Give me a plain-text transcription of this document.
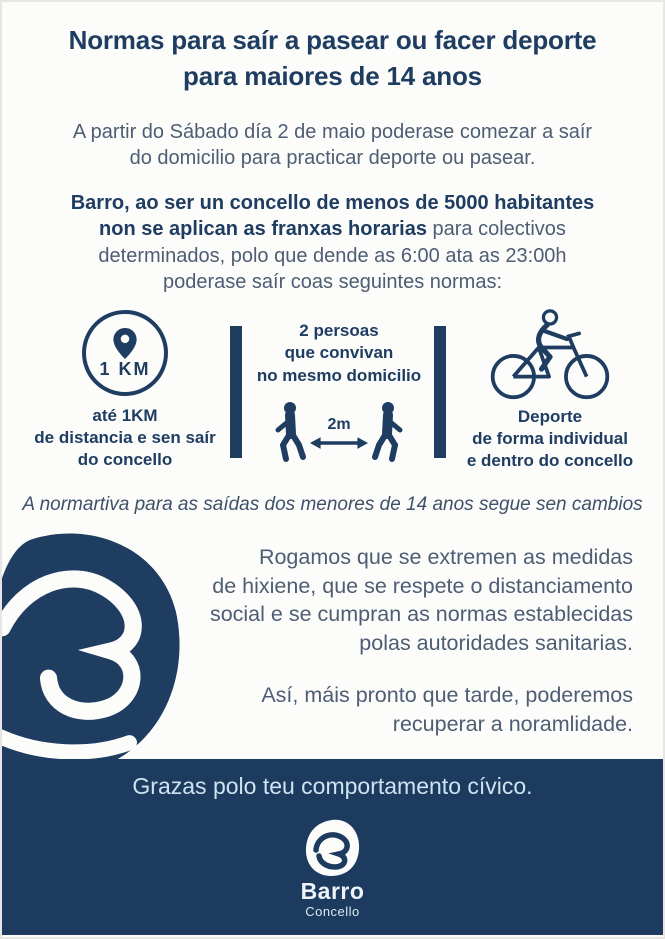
Normas para saír a pasear ou facer deporte
para maiores de 14 anos

A partir do Sábado día 2 de maio poderase comezar a saír
do domicilio para practicar deporte ou pasear.

Barro, ao ser un concello de menos de 5000 habitantes
non se aplican as franxas horarias para colectivos
determinados, polo que dende as 6:00 ata as 23:00h
poderase saír coas seguintes normas:

1 KM
até 1KM
de distancia e sen saír
do concello
2 persoas
que convivan
no mesmo domicilio
2m	Deporte
de forma individual
e dentro do concello

A normartiva para as saídas dos menores de 14 anos segue sen cambios

Rogamos que se extremen as medidas
de hixiene, que se respete o distanciamento
social e se cumpran as normas establecidas
polas autoridades sanitarias.

Así, máis pronto que tarde, poderemos
recuperar a noramlidade.

Grazas polo teu comportamento cívico.

Barro
Concello
